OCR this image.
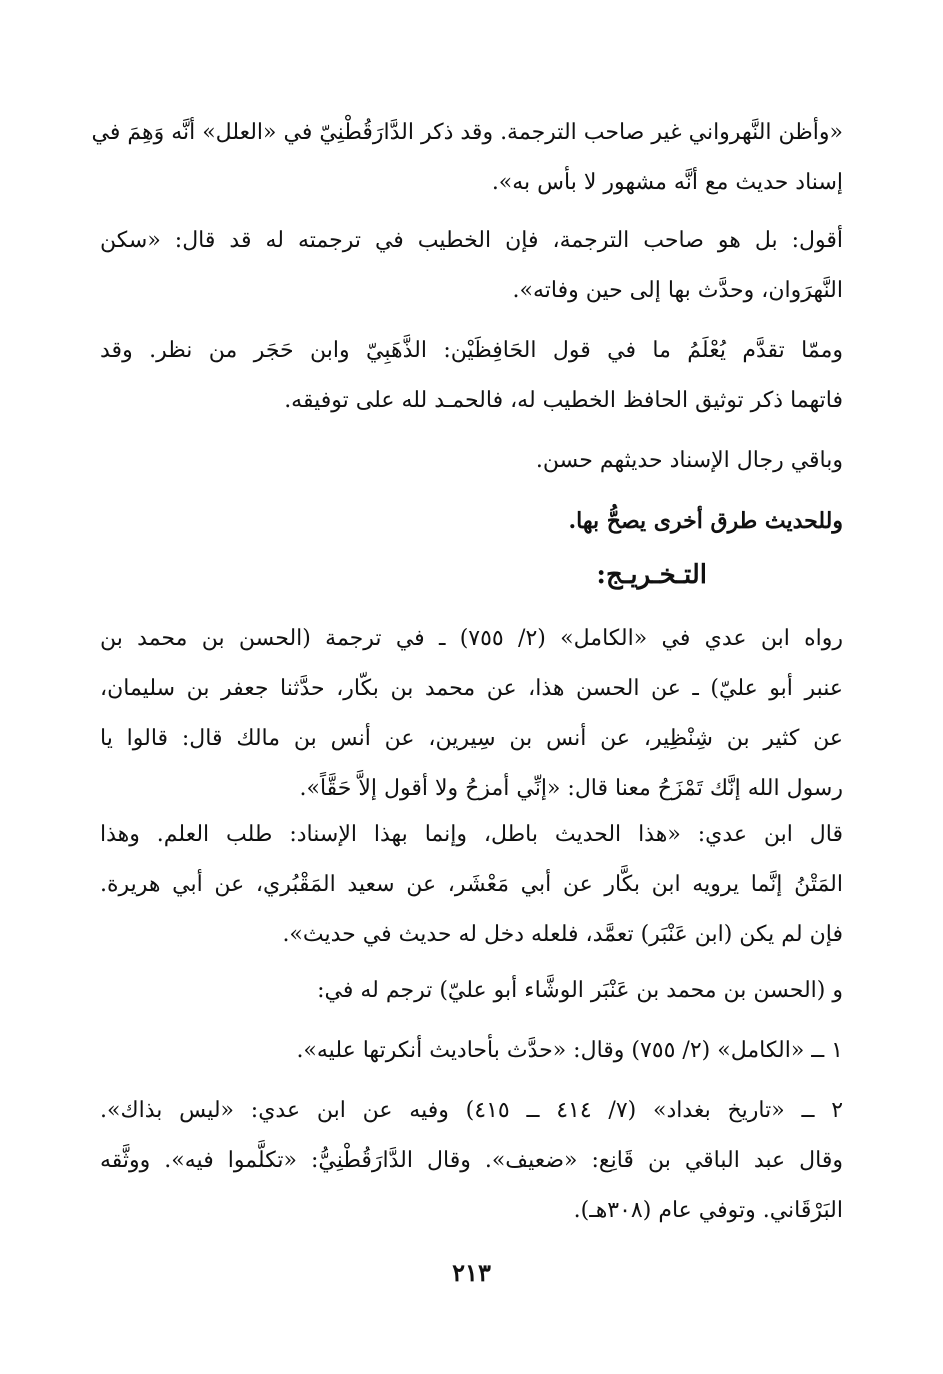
«وأظن النَّهرواني غير صاحب الترجمة. وقد ذكر الدَّارَقُطْنِيّ في «العلل» أنَّه وَهِمَ في
إسناد حديث مع أنَّه مشهور لا بأس به».
أقول: بل هو صاحب الترجمة، فإن الخطيب في ترجمته له قد قال: «سكن
النَّهرَوان، وحدَّث بها إلى حين وفاته».
وممّا تقدَّم يُعْلَمُ ما في قول الحَافِظَيْن: الذَّهَبِيّ وابن حَجَر من نظر. وقد
فاتهما ذكر توثيق الحافظ الخطيب له، فالحمـد لله على توفيقه.
وباقي رجال الإسناد حديثهم حسن.
وللحديث طرق أخرى يصحُّ بها.
التـخـريـج:
رواه ابن عدي في «الكامل» (٢/ ٧٥٥) ـ في ترجمة (الحسن بن محمد بن
عنبر أبو عليّ) ـ عن الحسن هذا، عن محمد بن بكّار، حدَّثنا جعفر بن سليمان،
عن كثير بن شِنْظِير، عن أنس بن سِيرين، عن أنس بن مالك قال: قالوا يا
رسول الله إنَّك تَمْزَحُ معنا قال: «إنِّي أمزحُ ولا أقول إلاَّ حَقَّاً».
قال ابن عدي: «هذا الحديث باطل، وإنما بهذا الإسناد: طلب العلم. وهذا
المَتْنُ إنَّما يرويه ابن بكَّار عن أبي مَعْشَر، عن سعيد المَقْبُري، عن أبي هريرة.
فإن لم يكن (ابن عَنْبَر) تعمَّد، فلعله دخل له حديث في حديث».
و (الحسن بن محمد بن عَنْبَر الوشَّاء أبو عليّ) ترجم له في:
١ ــ «الكامل» (٢/ ٧٥٥) وقال: «حدَّث بأحاديث أنكرتها عليه».
٢ ــ «تاريخ بغداد» (٧/ ٤١٤ ــ ٤١٥) وفيه عن ابن عدي: «ليس بذاك».
وقال عبد الباقي بن قَانِع: «ضعيف». وقال الدَّارَقُطْنِيُّ: «تكلَّموا فيه». ووثَّقه
البَرْقَاني. وتوفي عام (٣٠٨هـ).
٢١٣
